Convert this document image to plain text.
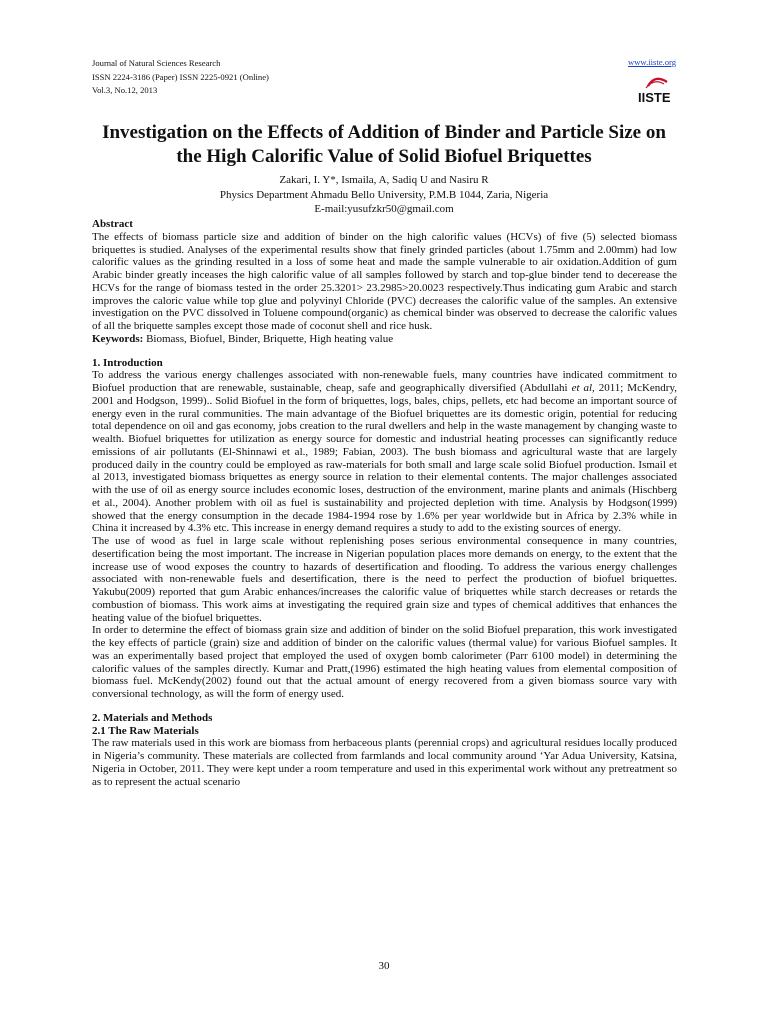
Journal of Natural Sciences Research
ISSN 2224-3186 (Paper) ISSN 2225-0921 (Online)
Vol.3, No.12, 2013
www.iiste.org
IISTE
Investigation on the Effects of Addition of Binder and Particle Size on the High Calorific Value of Solid Biofuel Briquettes
Zakari, I. Y*, Ismaila, A, Sadiq U and Nasiru R
Physics Department Ahmadu Bello University, P.M.B 1044, Zaria, Nigeria
E-mail:yusufzkr50@gmail.com

Abstract

The effects of biomass particle size and addition of binder on the high calorific values (HCVs) of five (5) selected biomass briquettes is studied. Analyses of the experimental results show that finely grinded particles (about 1.75mm and 2.00mm) had low calorific values as the grinding resulted in a loss of some heat and made the sample vulnerable to air oxidation.Addition of gum Arabic binder greatly inceases the high calorific value of all samples followed by starch and top-glue binder tend to decerease the HCVs for the range of biomass tested in the order 25.3201> 23.2985>20.0023 respectively.Thus indicating gum Arabic and starch improves the caloric value while top glue and polyvinyl Chloride (PVC) decreases the calorific value of the samples. An extensive investigation on the PVC dissolved in Toluene compound(organic) as chemical binder was observed to decrease the calorific values of all the briquette samples except those made of coconut shell and rice husk.

Keywords: Biomass, Biofuel, Binder, Briquette, High heating value

1. Introduction

To address the various energy challenges associated with non-renewable fuels, many countries have indicated commitment to Biofuel production that are renewable, sustainable, cheap, safe and geographically diversified (Abdullahi et al, 2011; McKendry, 2001 and Hodgson, 1999).. Solid Biofuel in the form of briquettes, logs, bales, chips, pellets, etc had become an important source of energy even in the rural communities. The main advantage of the Biofuel briquettes are its domestic origin, potential for reducing total dependence on oil and gas economy, jobs creation to the rural dwellers and help in the waste management by changing waste to wealth. Biofuel briquettes for utilization as energy source for domestic and industrial heating processes can significantly reduce emissions of air pollutants (El-Shinnawi et al., 1989; Fabian, 2003). The bush biomass and agricultural waste that are largely produced daily in the country could be employed as raw-materials for both small and large scale solid Biofuel production. Ismail et al 2013, investigated biomass briquettes as energy source in relation to their elemental contents. The major challenges associated with the use of oil as energy source includes economic loses, destruction of the environment, marine plants and animals (Hischberg et al., 2004). Another problem with oil as fuel is sustainability and projected depletion with time. Analysis by Hodgson(1999) showed that the energy consumption in the decade 1984-1994 rose by 1.6% per year worldwide but in Africa by 2.3% while in China it increased by 4.3% etc. This increase in energy demand requires a study to add to the existing sources of energy.

The use of wood as fuel in large scale without replenishing poses serious environmental consequence in many countries, desertification being the most important. The increase in Nigerian population places more demands on energy, to the extent that the increase use of wood exposes the country to hazards of desertification and flooding. To address the various energy challenges associated with non-renewable fuels and desertification, there is the need to perfect the production of biofuel briquettes. Yakubu(2009) reported that gum Arabic enhances/increases the calorific value of briquettes while starch decreases or retards the combustion of biomass. This work aims at investigating the required grain size and types of chemical additives that enhances the heating value of the biofuel briquettes.

In order to determine the effect of biomass grain size and addition of binder on the solid Biofuel preparation, this work investigated the key effects of particle (grain) size and addition of binder on the calorific values (thermal value) for various Biofuel samples. It was an experimentally based project that employed the used of oxygen bomb calorimeter (Parr 6100 model) in determining the calorific values of the samples directly. Kumar and Pratt,(1996) estimated the high heating values from elemental composition of biomass fuel. McKendy(2002) found out that the actual amount of energy recovered from a given biomass source vary with conversional technology, as will the form of energy used.

2. Materials and Methods

2.1 The Raw Materials

The raw materials used in this work are biomass from herbaceous plants (perennial crops) and agricultural residues locally produced in Nigeria’s community. These materials are collected from farmlands and local community around ‘Yar Adua University, Katsina, Nigeria in October, 2011. They were kept under a room temperature and used in this experimental work without any pretreatment so as to represent the actual scenario

30
